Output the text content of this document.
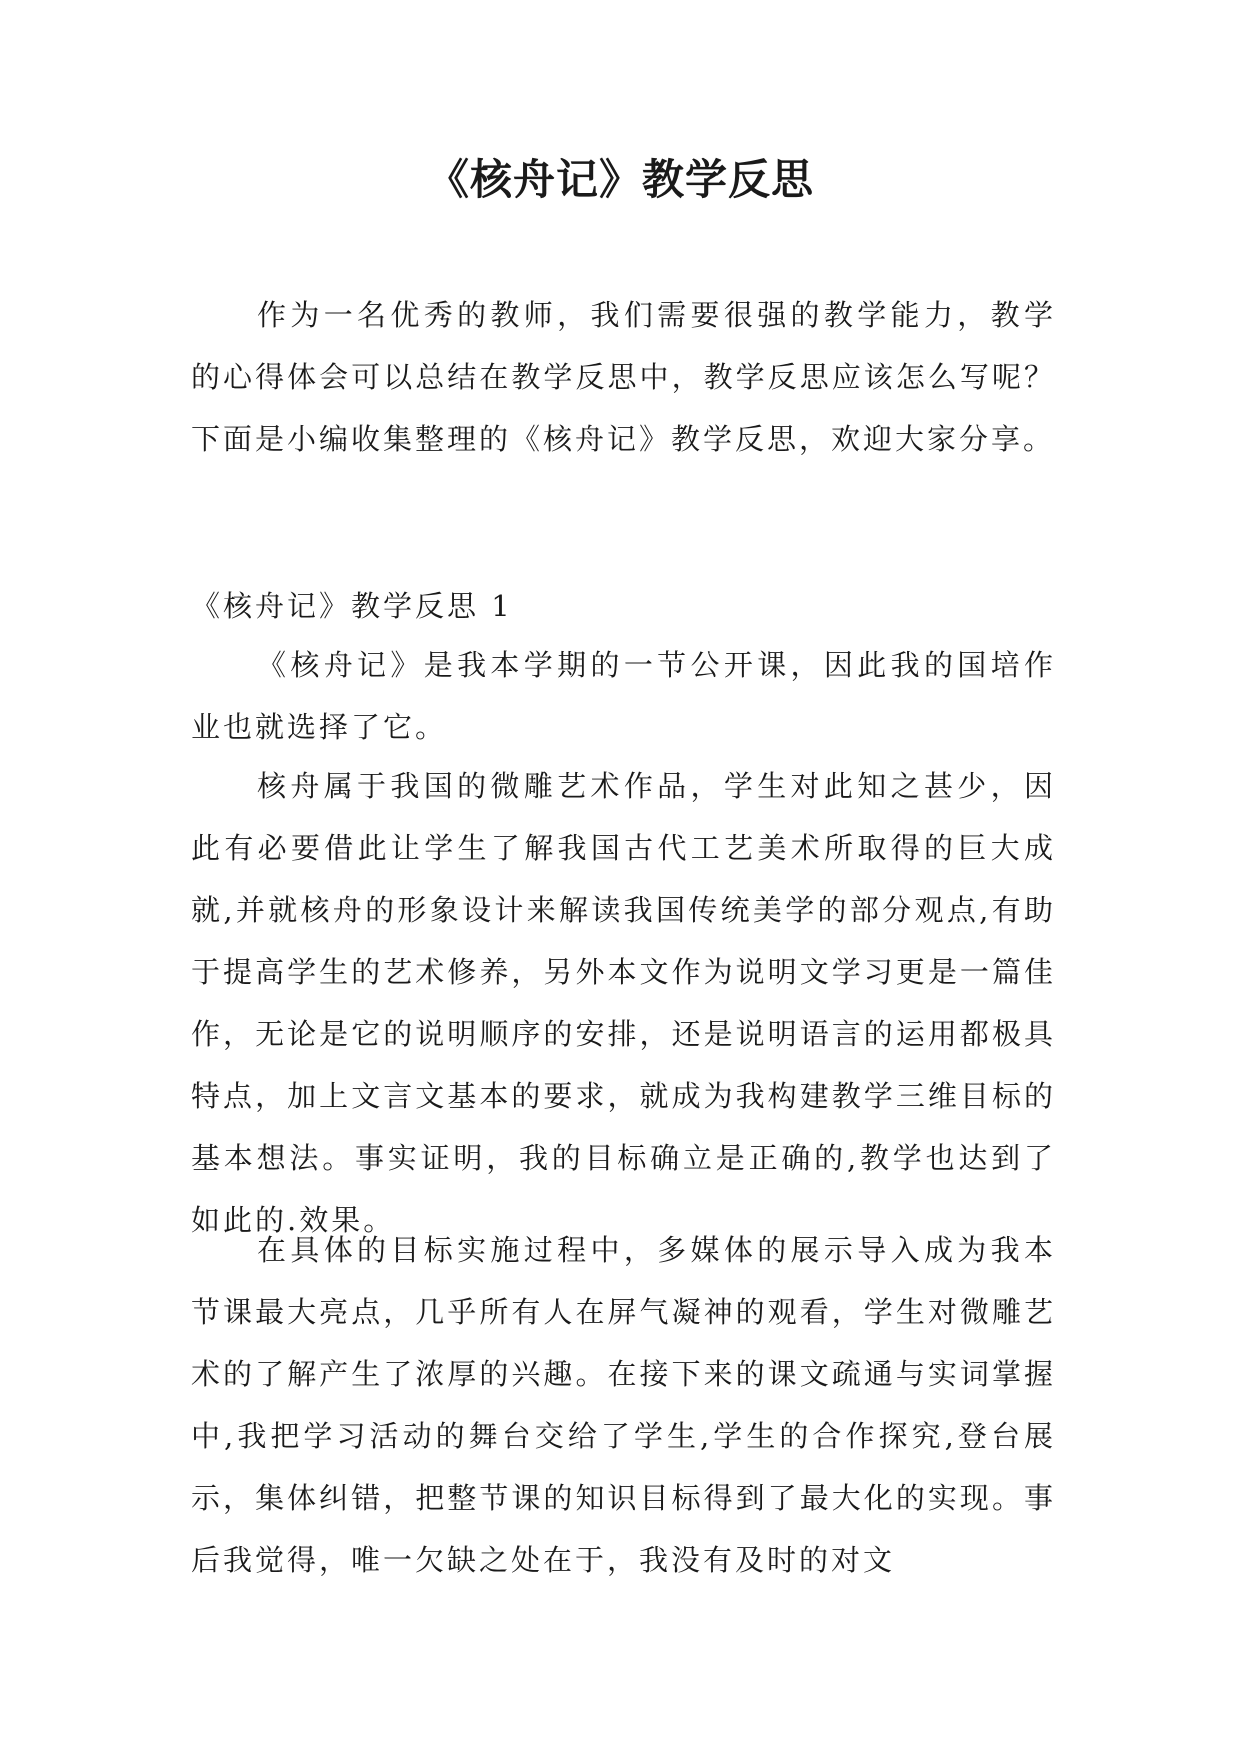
《核舟记》教学反思

作为一名优秀的教师，我们需要很强的教学能力，教学的心得体会可以总结在教学反思中，教学反思应该怎么写呢？下面是小编收集整理的《核舟记》教学反思，欢迎大家分享。

《核舟记》教学反思 1

《核舟记》是我本学期的一节公开课，因此我的国培作业也就选择了它。

核舟属于我国的微雕艺术作品，学生对此知之甚少，因此有必要借此让学生了解我国古代工艺美术所取得的巨大成就,并就核舟的形象设计来解读我国传统美学的部分观点,有助于提高学生的艺术修养，另外本文作为说明文学习更是一篇佳作，无论是它的说明顺序的安排，还是说明语言的运用都极具特点，加上文言文基本的要求，就成为我构建教学三维目标的基本想法。事实证明，我的目标确立是正确的,教学也达到了如此的.效果。

在具体的目标实施过程中，多媒体的展示导入成为我本节课最大亮点，几乎所有人在屏气凝神的观看，学生对微雕艺术的了解产生了浓厚的兴趣。在接下来的课文疏通与实词掌握中,我把学习活动的舞台交给了学生,学生的合作探究,登台展示，集体纠错，把整节课的知识目标得到了最大化的实现。事后我觉得，唯一欠缺之处在于，我没有及时的对文
